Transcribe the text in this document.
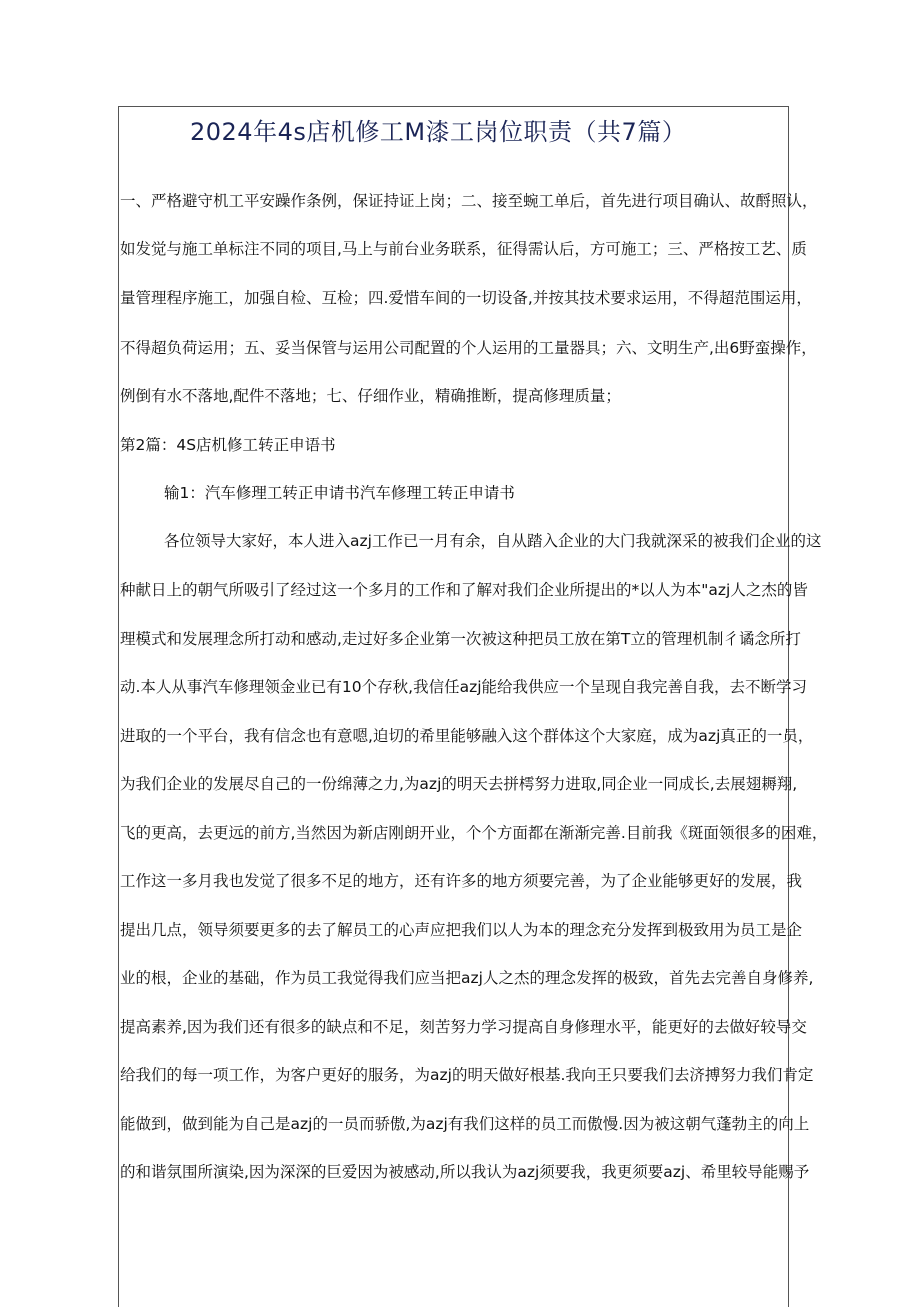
2024年4s店机修工M漆工岗位职责（共7篇）
一、严格避守机工平安躁作条例，保证持证上岗；二、接至蜿工单后，首先进行项目确认、故酹照认，
如发觉与施工单标注不同的项目,马上与前台业务联系，征得需认后，方可施工；三、严格按工艺、质
量管理程序施工，加强自检、互检；四.爱惜车间的一切设备,并按其技术要求运用，不得超范围运用，
不得超负荷运用；五、妥当保管与运用公司配置的个人运用的工量器具；六、文明生产,出6野蛮操作，
例倒有水不落地,配件不落地；七、仔细作业，精确推断，提高修理质量；
第2篇：4S店机修工转正申语书
输1：汽车修理工转正申请书汽车修理工转正申请书
各位领导大家好，本人进入azj工作已一月有余，自从踏入企业的大门我就深采的被我们企业的这
种献日上的朝气所吸引了经过这一个多月的工作和了解对我们企业所提出的*以人为本"azj人之杰的皆
理模式和发展理念所打动和感动,走过好多企业第一次被这种把员工放在第T立的管理机制彳谲念所打
动.本人从事汽车修理领金业已有10个存秋,我信任azj能给我供应一个呈现自我完善自我，去不断学习
进取的一个平台，我有信念也有意嗯,迫切的希里能够融入这个群体这个大家庭，成为azj真正的一员，
为我们企业的发展尽自己的一份绵薄之力,为azj的明天去拼樗努力进取,同企业一同成长,去展翅耨翔,
飞的更高，去更远的前方,当然因为新店刚朗开业，个个方面都在渐渐完善.目前我《斑面领很多的困难，
工作这一多月我也发觉了很多不足的地方，还有许多的地方须要完善，为了企业能够更好的发展，我
提出几点，领导须要更多的去了解员工的心声应把我们以人为本的理念充分发挥到极致用为员工是企
业的根，企业的基础，作为员工我觉得我们应当把azj人之杰的理念发挥的极致，首先去完善自身修养,
提高素养,因为我们还有很多的缺点和不足，刻苦努力学习提高自身修理水平，能更好的去做好较导交
给我们的每一项工作，为客户更好的服务，为azj的明天做好根基.我向王只要我们去济搏努力我们肯定
能做到，做到能为自己是azj的一员而骄傲,为azj有我们这样的员工而傲慢.因为被这朝气蓬勃主的向上
的和谐氛围所演染,因为深深的巨爱因为被感动,所以我认为azj须要我，我更须要azj、希里较导能赐予
